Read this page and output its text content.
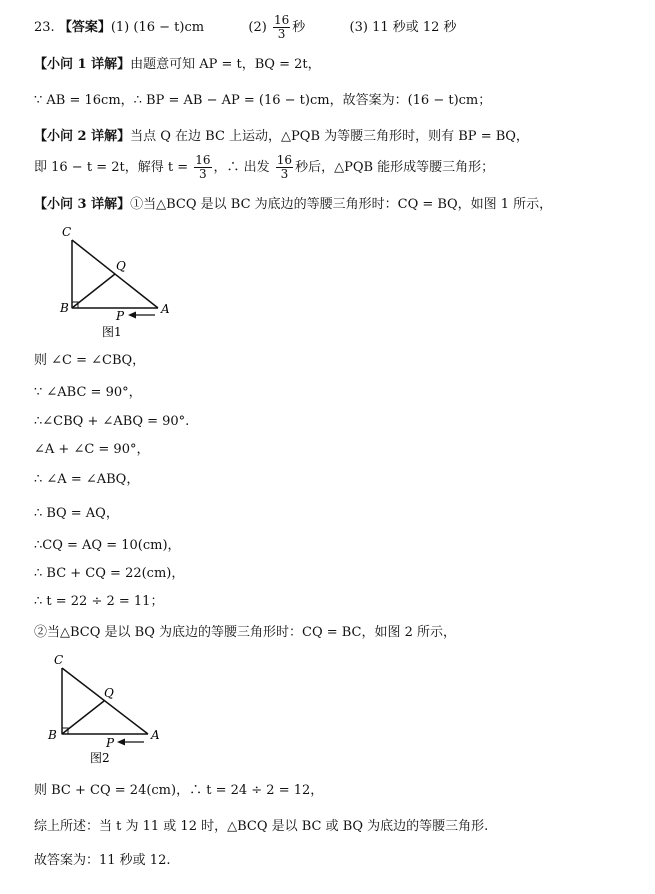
23. 【答案】(1) (16 − t)cm	$(2) \frac{16}{3}$ 秒	(3) 11 秒或 12 秒
【小问 1 详解】由题意可知 AP = t，BQ = 2t，
∵ AB = 16cm，∴ BP = AB − AP = (16 − t)cm，故答案为：(16 − t)cm；
【小问 2 详解】当点 Q 在边 BC 上运动，△PQB 为等腰三角形时，则有 BP = BQ，
即 16 − t = 2t，解得 $t = \frac{16}{3}$ ，∴ 出发 $\frac{16}{3}$ 秒后，△PQB 能形成等腰三角形；
【小问 3 详解】①当△BCQ 是以 BC 为底边的等腰三角形时：CQ = BQ，如图 1 所示，
C
Q
B	A
P
图1
则 ∠C = ∠CBQ，
∵ ∠ABC = 90°，
∴∠CBQ + ∠ABQ = 90°.
∠A + ∠C = 90°，
∴ ∠A = ∠ABQ，
∴ BQ = AQ，
∴CQ = AQ = 10(cm)，
∴ BC + CQ = 22(cm)，
∴ t = 22 ÷ 2 = 11；
②当△BCQ 是以 BQ 为底边的等腰三角形时：CQ = BC，如图 2 所示，
C
Q
B	A
P
图2
则 BC + CQ = 24(cm)，∴ t = 24 ÷ 2 = 12，
综上所述：当 t 为 11 或 12 时，△BCQ 是以 BC 或 BQ 为底边的等腰三角形.
故答案为：11 秒或 12.
